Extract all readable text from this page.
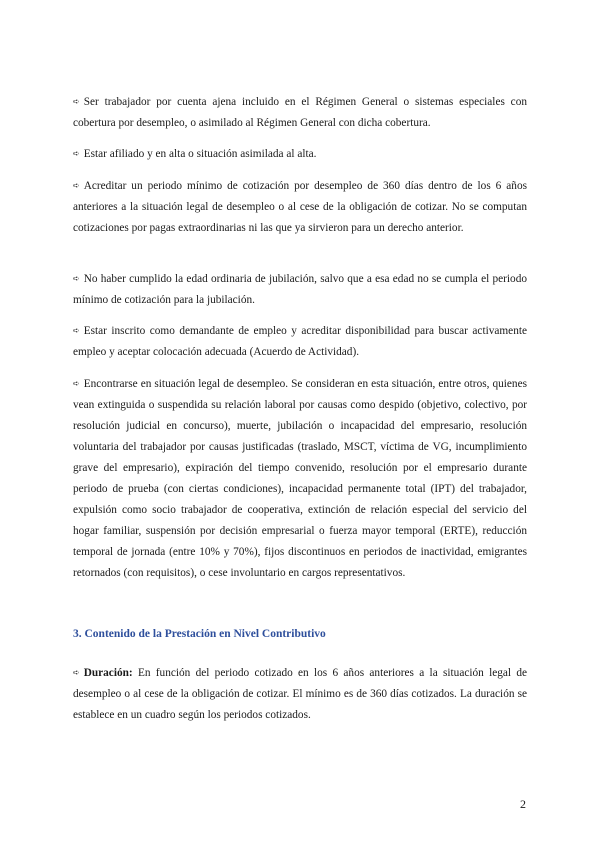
➪ Ser trabajador por cuenta ajena incluido en el Régimen General o sistemas especiales con cobertura por desempleo, o asimilado al Régimen General con dicha cobertura.

➪ Estar afiliado y en alta o situación asimilada al alta.

➪ Acreditar un periodo mínimo de cotización por desempleo de 360 días dentro de los 6 años anteriores a la situación legal de desempleo o al cese de la obligación de cotizar. No se computan cotizaciones por pagas extraordinarias ni las que ya sirvieron para un derecho anterior.

➪ No haber cumplido la edad ordinaria de jubilación, salvo que a esa edad no se cumpla el periodo mínimo de cotización para la jubilación.

➪ Estar inscrito como demandante de empleo y acreditar disponibilidad para buscar activamente empleo y aceptar colocación adecuada (Acuerdo de Actividad).

➪ Encontrarse en situación legal de desempleo. Se consideran en esta situación, entre otros, quienes vean extinguida o suspendida su relación laboral por causas como despido (objetivo, colectivo, por resolución judicial en concurso), muerte, jubilación o incapacidad del empresario, resolución voluntaria del trabajador por causas justificadas (traslado, MSCT, víctima de VG, incumplimiento grave del empresario), expiración del tiempo convenido, resolución por el empresario durante periodo de prueba (con ciertas condiciones), incapacidad permanente total (IPT) del trabajador, expulsión como socio trabajador de cooperativa, extinción de relación especial del servicio del hogar familiar, suspensión por decisión empresarial o fuerza mayor temporal (ERTE), reducción temporal de jornada (entre 10% y 70%), fijos discontinuos en periodos de inactividad, emigrantes retornados (con requisitos), o cese involuntario en cargos representativos.

3. Contenido de la Prestación en Nivel Contributivo

➪ Duración: En función del periodo cotizado en los 6 años anteriores a la situación legal de desempleo o al cese de la obligación de cotizar. El mínimo es de 360 días cotizados. La duración se establece en un cuadro según los periodos cotizados.

2
